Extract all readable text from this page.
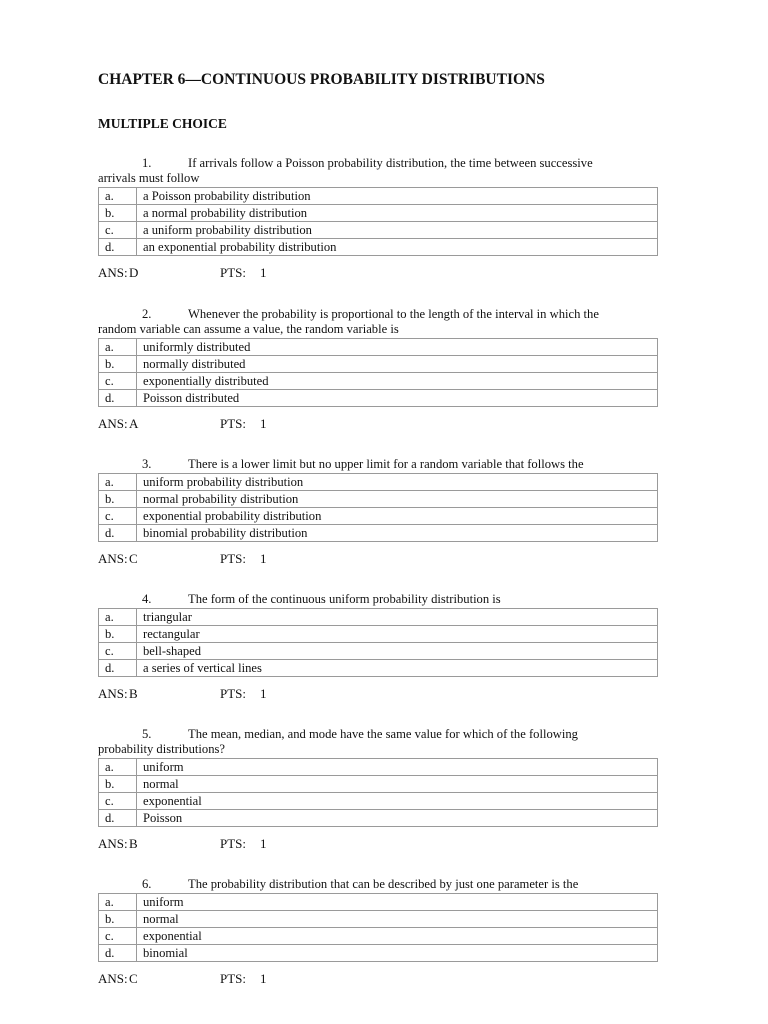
CHAPTER 6—CONTINUOUS PROBABILITY DISTRIBUTIONS
MULTIPLE CHOICE

1.	If arrivals follow a Poisson probability distribution, the time between successive
arrivals must follow

a.	a Poisson probability distribution
b.	a normal probability distribution
c.	a uniform probability distribution
d.	an exponential probability distribution
ANS:D	PTS: 1

2.	Whenever the probability is proportional to the length of the interval in which the
random variable can assume a value, the random variable is

a.	uniformly distributed
b.	normally distributed
c.	exponentially distributed
d.	Poisson distributed
ANS:A	PTS: 1

3.	There is a lower limit but no upper limit for a random variable that follows the

a.	uniform probability distribution
b.	normal probability distribution
c.	exponential probability distribution
d.	binomial probability distribution
ANS:C	PTS: 1

4.	The form of the continuous uniform probability distribution is

a.	triangular
b.	rectangular
c.	bell-shaped
d.	a series of vertical lines
ANS:B	PTS: 1

5.	The mean, median, and mode have the same value for which of the following
probability distributions?

a.	uniform
b.	normal
c.	exponential
d.	Poisson
ANS:B	PTS: 1

6.	The probability distribution that can be described by just one parameter is the

a.	uniform
b.	normal
c.	exponential
d.	binomial
ANS:C	PTS: 1
